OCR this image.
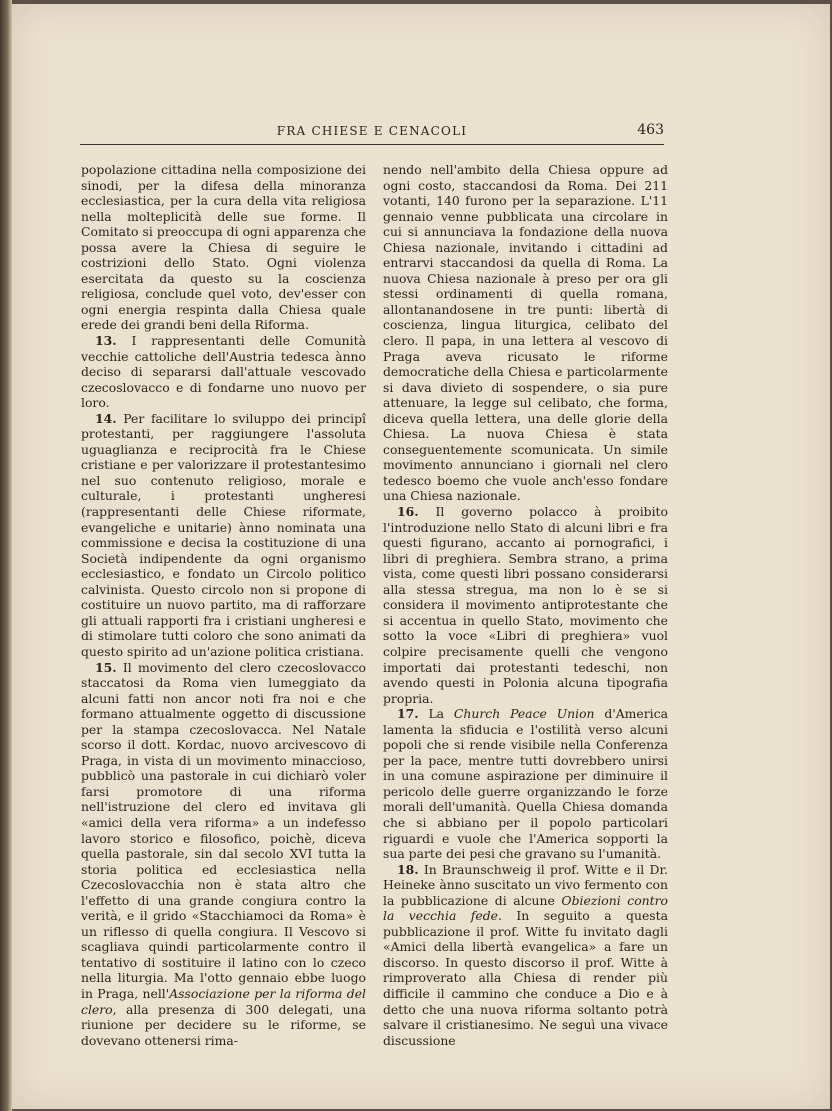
FRA CHIESE E CENACOLI	463

popolazione cittadina nella composizione dei sinodi, per la difesa della minoranza ecclesiastica, per la cura della vita religiosa nella molteplicità delle sue forme. Il Comitato si preoccupa di ogni apparenza che possa avere la Chiesa di seguire le costrizioni dello Stato. Ogni violenza esercitata da questo su la coscienza religiosa, conclude quel voto, dev'esser con ogni energia respinta dalla Chiesa quale erede dei grandi beni della Riforma.

13. I rappresentanti delle Comunità vecchie cattoliche dell'Austria tedesca ànno deciso di separarsi dall'attuale vescovado czecoslovacco e di fondarne uno nuovo per loro.

14. Per facilitare lo sviluppo dei principî protestanti, per raggiungere l'assoluta uguaglianza e reciprocità fra le Chiese cristiane e per valorizzare il protestantesimo nel suo contenuto religioso, morale e culturale, i protestanti ungheresi (rappresentanti delle Chiese riformate, evangeliche e unitarie) ànno nominata una commissione e decisa la costituzione di una Società indipendente da ogni organismo ecclesiastico, e fondato un Circolo politico calvinista. Questo circolo non si propone di costituire un nuovo partito, ma di rafforzare gli attuali rapporti fra i cristiani ungheresi e di stimolare tutti coloro che sono animati da questo spirito ad un'azione politica cristiana.

15. Il movimento del clero czecoslovacco staccatosi da Roma vien lumeggiato da alcuni fatti non ancor noti fra noi e che formano attualmente oggetto di discussione per la stampa czecoslovacca. Nel Natale scorso il dott. Kordac, nuovo arcivescovo di Praga, in vista di un movimento minaccioso, pubblicò una pastorale in cui dichiarò voler farsi promotore di una riforma nell'istruzione del clero ed invitava gli «amici della vera riforma» a un indefesso lavoro storico e filosofico, poichè, diceva quella pastorale, sin dal secolo XVI tutta la storia politica ed ecclesiastica nella Czecoslovacchia non è stata altro che l'effetto di una grande congiura contro la verità, e il grido «Stacchiamoci da Roma» è un riflesso di quella congiura. Il Vescovo si scagliava quindi particolarmente contro il tentativo di sostituire il latino con lo czeco nella liturgia. Ma l'otto gennaio ebbe luogo in Praga, nell'Associazione per la riforma del clero, alla presenza di 300 delegati, una riunione per decidere su le riforme, se dovevano ottenersi rima-

nendo nell'ambito della Chiesa oppure ad ogni costo, staccandosi da Roma. Dei 211 votanti, 140 furono per la separazione. L'11 gennaio venne pubblicata una circolare in cui si annunciava la fondazione della nuova Chiesa nazionale, invitando i cittadini ad entrarvi staccandosi da quella di Roma. La nuova Chiesa nazionale à preso per ora gli stessi ordinamenti di quella romana, allontanandosene in tre punti: libertà di coscienza, lingua liturgica, celibato del clero. Il papa, in una lettera al vescovo di Praga aveva ricusato le riforme democratiche della Chiesa e particolarmente si dava divieto di sospendere, o sia pure attenuare, la legge sul celibato, che forma, diceva quella lettera, una delle glorie della Chiesa. La nuova Chiesa è stata conseguentemente scomunicata. Un simile movimento annunciano i giornali nel clero tedesco boemo che vuole anch'esso fondare una Chiesa nazionale.

16. Il governo polacco à proibito l'introduzione nello Stato di alcuni libri e fra questi figurano, accanto ai pornografici, i libri di preghiera. Sembra strano, a prima vista, come questi libri possano considerarsi alla stessa stregua, ma non lo è se si considera il movimento antiprotestante che si accentua in quello Stato, movimento che sotto la voce «Libri di preghiera» vuol colpire precisamente quelli che vengono importati dai protestanti tedeschi, non avendo questi in Polonia alcuna tipografia propria.

17. La Church Peace Union d'America lamenta la sfiducia e l'ostilità verso alcuni popoli che si rende visibile nella Conferenza per la pace, mentre tutti dovrebbero unirsi in una comune aspirazione per diminuire il pericolo delle guerre organizzando le forze morali dell'umanità. Quella Chiesa domanda che si abbiano per il popolo particolari riguardi e vuole che l'America sopporti la sua parte dei pesi che gravano su l'umanità.

18. In Braunschweig il prof. Witte e il Dr. Heineke ànno suscitato un vivo fermento con la pubblicazione di alcune Obiezioni contro la vecchia fede. In seguito a questa pubblicazione il prof. Witte fu invitato dagli «Amici della libertà evangelica» a fare un discorso. In questo discorso il prof. Witte à rimproverato alla Chiesa di render più difficile il cammino che conduce a Dio e à detto che una nuova riforma soltanto potrà salvare il cristianesimo. Ne seguì una vivace discussione
